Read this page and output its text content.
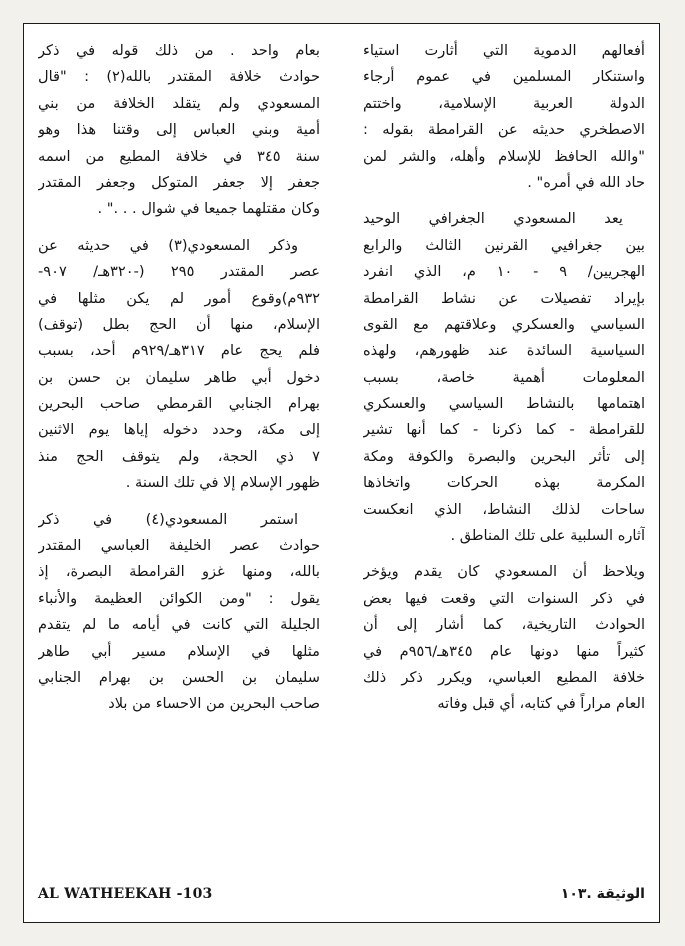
أفعالهم الدموية التي أثارت استياء
واستنكار المسلمين في عموم أرجاء
الدولة العربية الإسلامية، واختتم
الاصطخري حديثه عن القرامطة بقوله :
"والله الحافظ للإسلام وأهله، والشر لمن
حاد الله في أمره" .

يعد المسعودي الجغرافي الوحيد
بين جغرافيي القرنين الثالث والرابع
الهجريين/ ٩ - ١٠ م، الذي انفرد
بإيراد تفصيلات عن نشاط القرامطة
السياسي والعسكري وعلاقتهم مع القوى
السياسية السائدة عند ظهورهم، ولهذه
المعلومات أهمية خاصة، بسبب
اهتمامها بالنشاط السياسي والعسكري
للقرامطة - كما ذكرنا - كما أنها تشير
إلى تأثر البحرين والبصرة والكوفة ومكة
المكرمة بهذه الحركات واتخاذها
ساحات لذلك النشاط، الذي انعكست
آثاره السلبية على تلك المناطق .

ويلاحظ أن المسعودي كان يقدم ويؤخر
في ذكر السنوات التي وقعت فيها بعض
الحوادث التاريخية، كما أشار إلى أن
كثيراً منها دونها عام ٣٤٥هـ/٩٥٦م في
خلافة المطيع العباسي، ويكرر ذكر ذلك
العام مراراً في كتابه، أي قبل وفاته

بعام واحد . من ذلك قوله في ذكر
حوادث خلافة المقتدر بالله(٢) : "قال
المسعودي ولم يتقلد الخلافة من بني
أمية وبني العباس إلى وقتنا هذا وهو
سنة ٣٤٥ في خلافة المطيع من اسمه
جعفر إلا جعفر المتوكل وجعفر المقتدر
وكان مقتلهما جميعا في شوال . . ." .

وذكر المسعودي(٣) في حديثه عن
عصر المقتدر ٢٩٥ (-٣٢٠هـ/ ٩٠٧-
٩٣٢م)وقوع أمور لم يكن مثلها في
الإسلام، منها أن الحج بطل (توقف)
فلم يحج عام ٣١٧هـ/٩٢٩م أحد، بسبب
دخول أبي طاهر سليمان بن حسن بن
بهرام الجنابي القرمطي صاحب البحرين
إلى مكة، وحدد دخوله إياها يوم الاثنين
٧ ذي الحجة، ولم يتوقف الحج منذ
ظهور الإسلام إلا في تلك السنة .

استمر المسعودي(٤) في ذكر
حوادث عصر الخليفة العباسي المقتدر
بالله، ومنها غزو القرامطة البصرة، إذ
يقول : "ومن الكوائن العظيمة والأنباء
الجليلة التي كانت في أيامه ما لم يتقدم
مثلها في الإسلام مسير أبي طاهر
سليمان بن الحسن بن بهرام الجنابي
صاحب البحرين من الاحساء من بلاد

AL WATHEEKAH -103	الوثيقة .١٠٣
